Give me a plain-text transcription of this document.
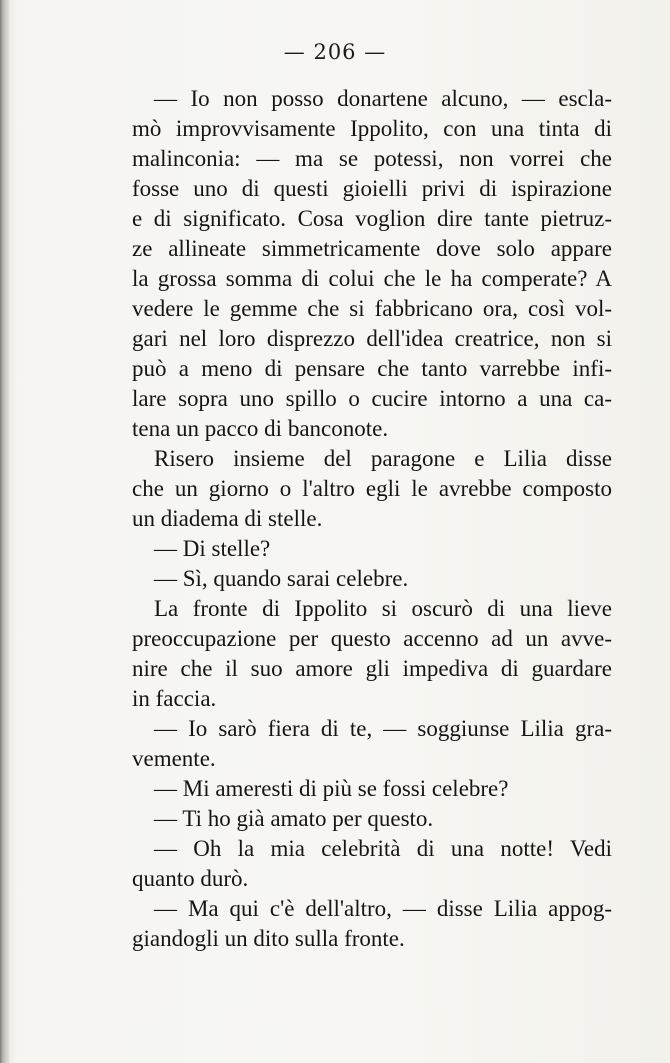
— 206 —
— Io non posso donartene alcuno, — escla-
mò improvvisamente Ippolito, con una tinta di
malinconia: — ma se potessi, non vorrei che
fosse uno di questi gioielli privi di ispirazione
e di significato. Cosa voglion dire tante pietruz-
ze allineate simmetricamente dove solo appare
la grossa somma di colui che le ha comperate? A
vedere le gemme che si fabbricano ora, così vol-
gari nel loro disprezzo dell'idea creatrice, non si
può a meno di pensare che tanto varrebbe infi-
lare sopra uno spillo o cucire intorno a una ca-
tena un pacco di banconote.
Risero insieme del paragone e Lilia disse
che un giorno o l'altro egli le avrebbe composto
un diadema di stelle.
— Di stelle?
— Sì, quando sarai celebre.
La fronte di Ippolito si oscurò di una lieve
preoccupazione per questo accenno ad un avve-
nire che il suo amore gli impediva di guardare
in faccia.
— Io sarò fiera di te, — soggiunse Lilia gra-
vemente.
— Mi ameresti di più se fossi celebre?
— Ti ho già amato per questo.
— Oh la mia celebrità di una notte! Vedi
quanto durò.
— Ma qui c'è dell'altro, — disse Lilia appog-
giandogli un dito sulla fronte.
